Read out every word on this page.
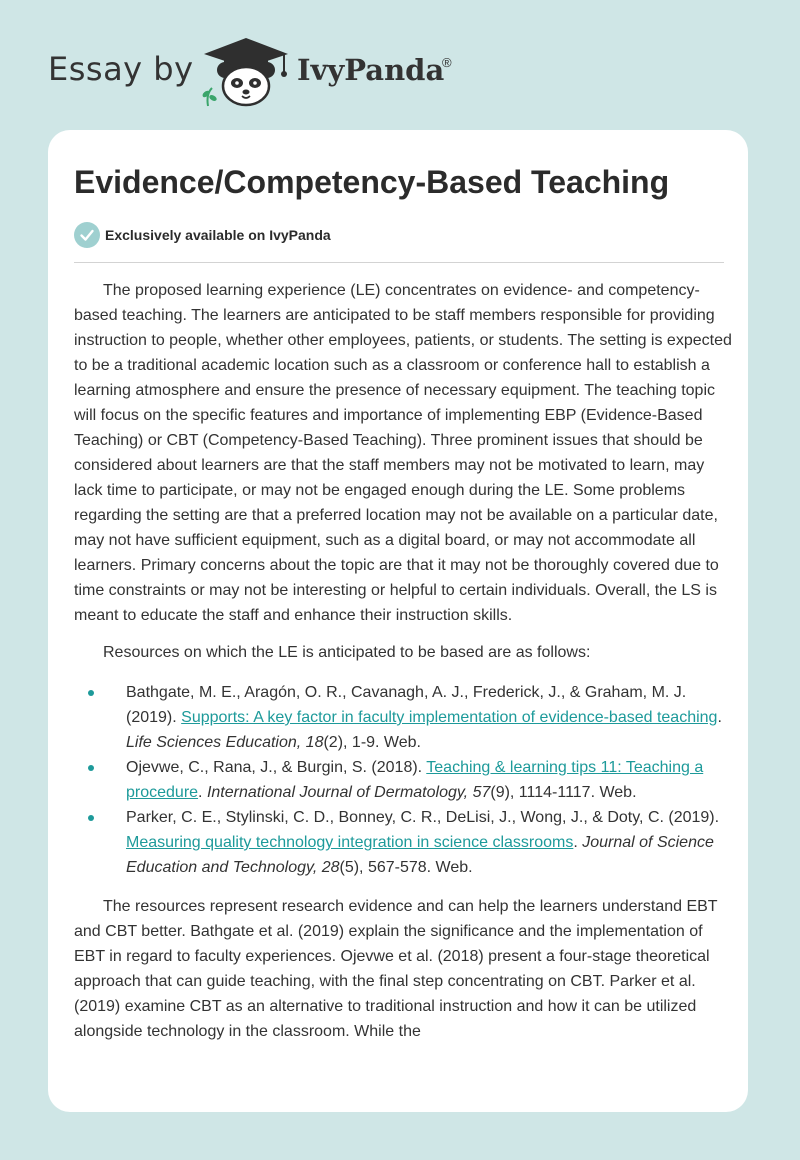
Essay by	IvyPanda
®
Evidence/Competency-Based Teaching
Exclusively available on IvyPanda

The proposed learning experience (LE) concentrates on evidence- and competency-based teaching. The learners are anticipated to be staff members responsible for providing instruction to people, whether other employees, patients, or students. The setting is expected to be a traditional academic location such as a classroom or conference hall to establish a learning atmosphere and ensure the presence of necessary equipment. The teaching topic will focus on the specific features and importance of implementing EBP (Evidence-Based Teaching) or CBT (Competency-Based Teaching). Three prominent issues that should be considered about learners are that the staff members may not be motivated to learn, may lack time to participate, or may not be engaged enough during the LE. Some problems regarding the setting are that a preferred location may not be available on a particular date, may not have sufficient equipment, such as a digital board, or may not accommodate all learners. Primary concerns about the topic are that it may not be thoroughly covered due to time constraints or may not be interesting or helpful to certain individuals. Overall, the LS is meant to educate the staff and enhance their instruction skills.

Resources on which the LE is anticipated to be based are as follows:

Bathgate, M. E., Aragón, O. R., Cavanagh, A. J., Frederick, J., & Graham, M. J. (2019). Supports: A key factor in faculty implementation of evidence-based teaching. Life Sciences Education, 18(2), 1-9. Web.
Ojevwe, C., Rana, J., & Burgin, S. (2018). Teaching & learning tips 11: Teaching a procedure. International Journal of Dermatology, 57(9), 1114-1117. Web.
Parker, C. E., Stylinski, C. D., Bonney, C. R., DeLisi, J., Wong, J., & Doty, C. (2019). Measuring quality technology integration in science classrooms. Journal of Science Education and Technology, 28(5), 567-578. Web.

The resources represent research evidence and can help the learners understand EBT and CBT better. Bathgate et al. (2019) explain the significance and the implementation of EBT in regard to faculty experiences. Ojevwe et al. (2018) present a four-stage theoretical approach that can guide teaching, with the final step concentrating on CBT. Parker et al. (2019) examine CBT as an alternative to traditional instruction and how it can be utilized alongside technology in the classroom. While the
